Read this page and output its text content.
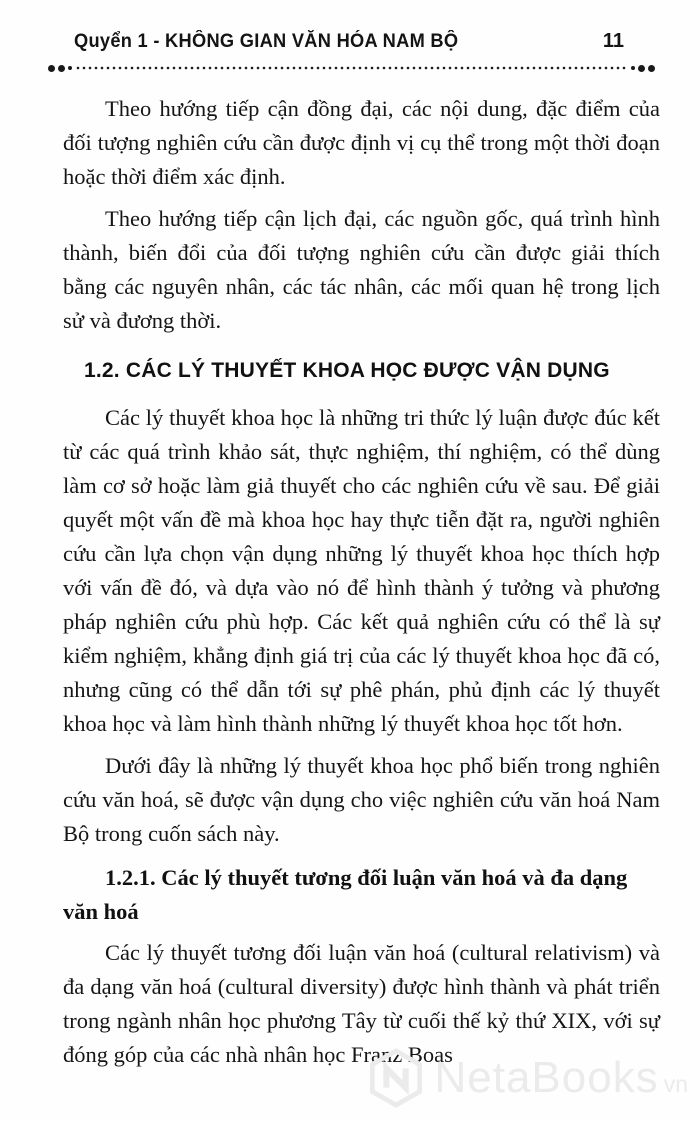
Quyển 1 - KHÔNG GIAN VĂN HÓA NAM BỘ	11

Theo hướng tiếp cận đồng đại, các nội dung, đặc điểm của đối tượng nghiên cứu cần được định vị cụ thể trong một thời đoạn hoặc thời điểm xác định.

Theo hướng tiếp cận lịch đại, các nguồn gốc, quá trình hình thành, biến đổi của đối tượng nghiên cứu cần được giải thích bằng các nguyên nhân, các tác nhân, các mối quan hệ trong lịch sử và đương thời.

1.2. CÁC LÝ THUYẾT KHOA HỌC ĐƯỢC VẬN DỤNG

Các lý thuyết khoa học là những tri thức lý luận được đúc kết từ các quá trình khảo sát, thực nghiệm, thí nghiệm, có thể dùng làm cơ sở hoặc làm giả thuyết cho các nghiên cứu về sau. Để giải quyết một vấn đề mà khoa học hay thực tiễn đặt ra, người nghiên cứu cần lựa chọn vận dụng những lý thuyết khoa học thích hợp với vấn đề đó, và dựa vào nó để hình thành ý tưởng và phương pháp nghiên cứu phù hợp. Các kết quả nghiên cứu có thể là sự kiểm nghiệm, khẳng định giá trị của các lý thuyết khoa học đã có, nhưng cũng có thể dẫn tới sự phê phán, phủ định các lý thuyết khoa học và làm hình thành những lý thuyết khoa học tốt hơn.

Dưới đây là những lý thuyết khoa học phổ biến trong nghiên cứu văn hoá, sẽ được vận dụng cho việc nghiên cứu văn hoá Nam Bộ trong cuốn sách này.

1.2.1. Các lý thuyết tương đối luận văn hoá và đa dạng văn hoá

Các lý thuyết tương đối luận văn hoá (cultural relativism) và đa dạng văn hoá (cultural diversity) được hình thành và phát triển trong ngành nhân học phương Tây từ cuối thế kỷ thứ XIX, với sự đóng góp của các nhà nhân học Franz Boas

NetaBooks vn
